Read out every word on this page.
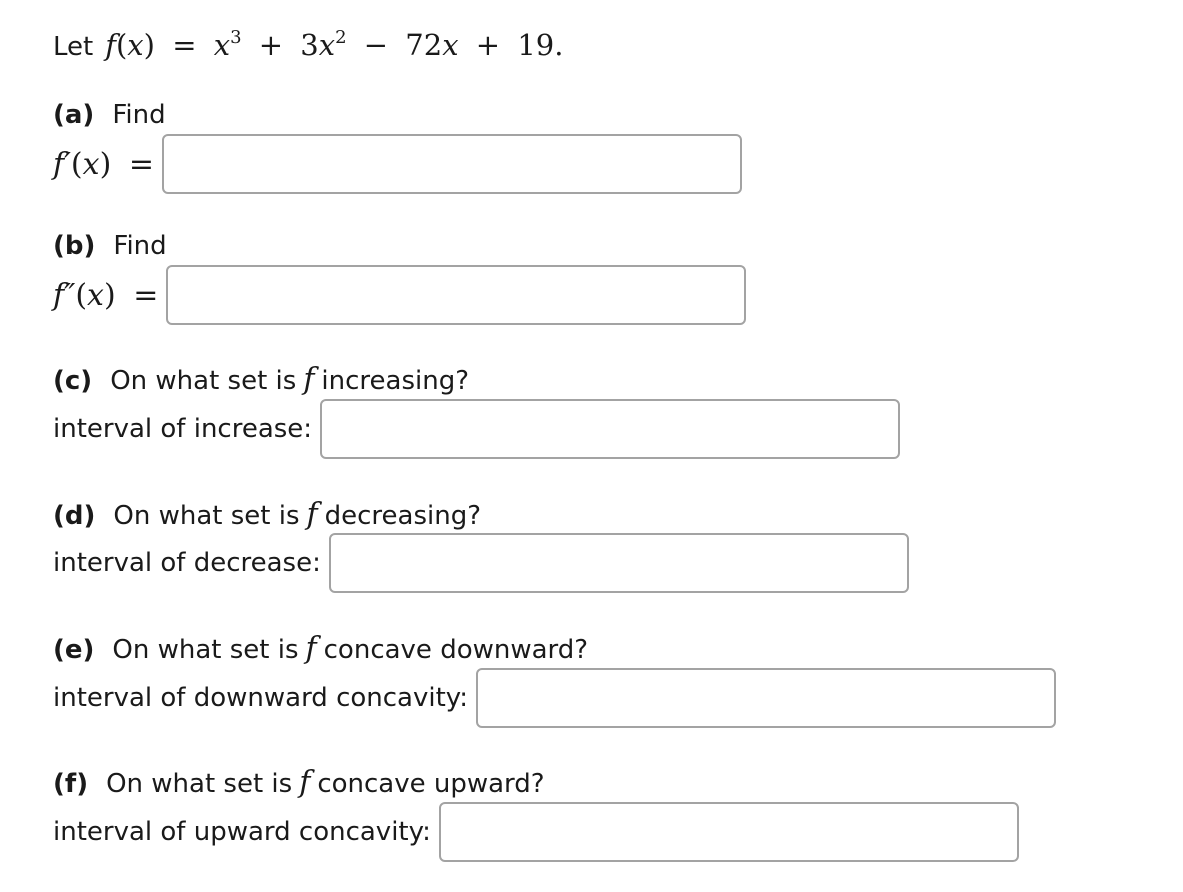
Let $f(x) = x^3 + 3x^2 - 72x + 19$.
(a) Find
f′(x) =
(b) Find
f″(x) =
(c) On what set is f increasing?
interval of increase:
(d) On what set is f decreasing?
interval of decrease:
(e) On what set is f concave downward?
interval of downward concavity:
(f) On what set is f concave upward?
interval of upward concavity:
